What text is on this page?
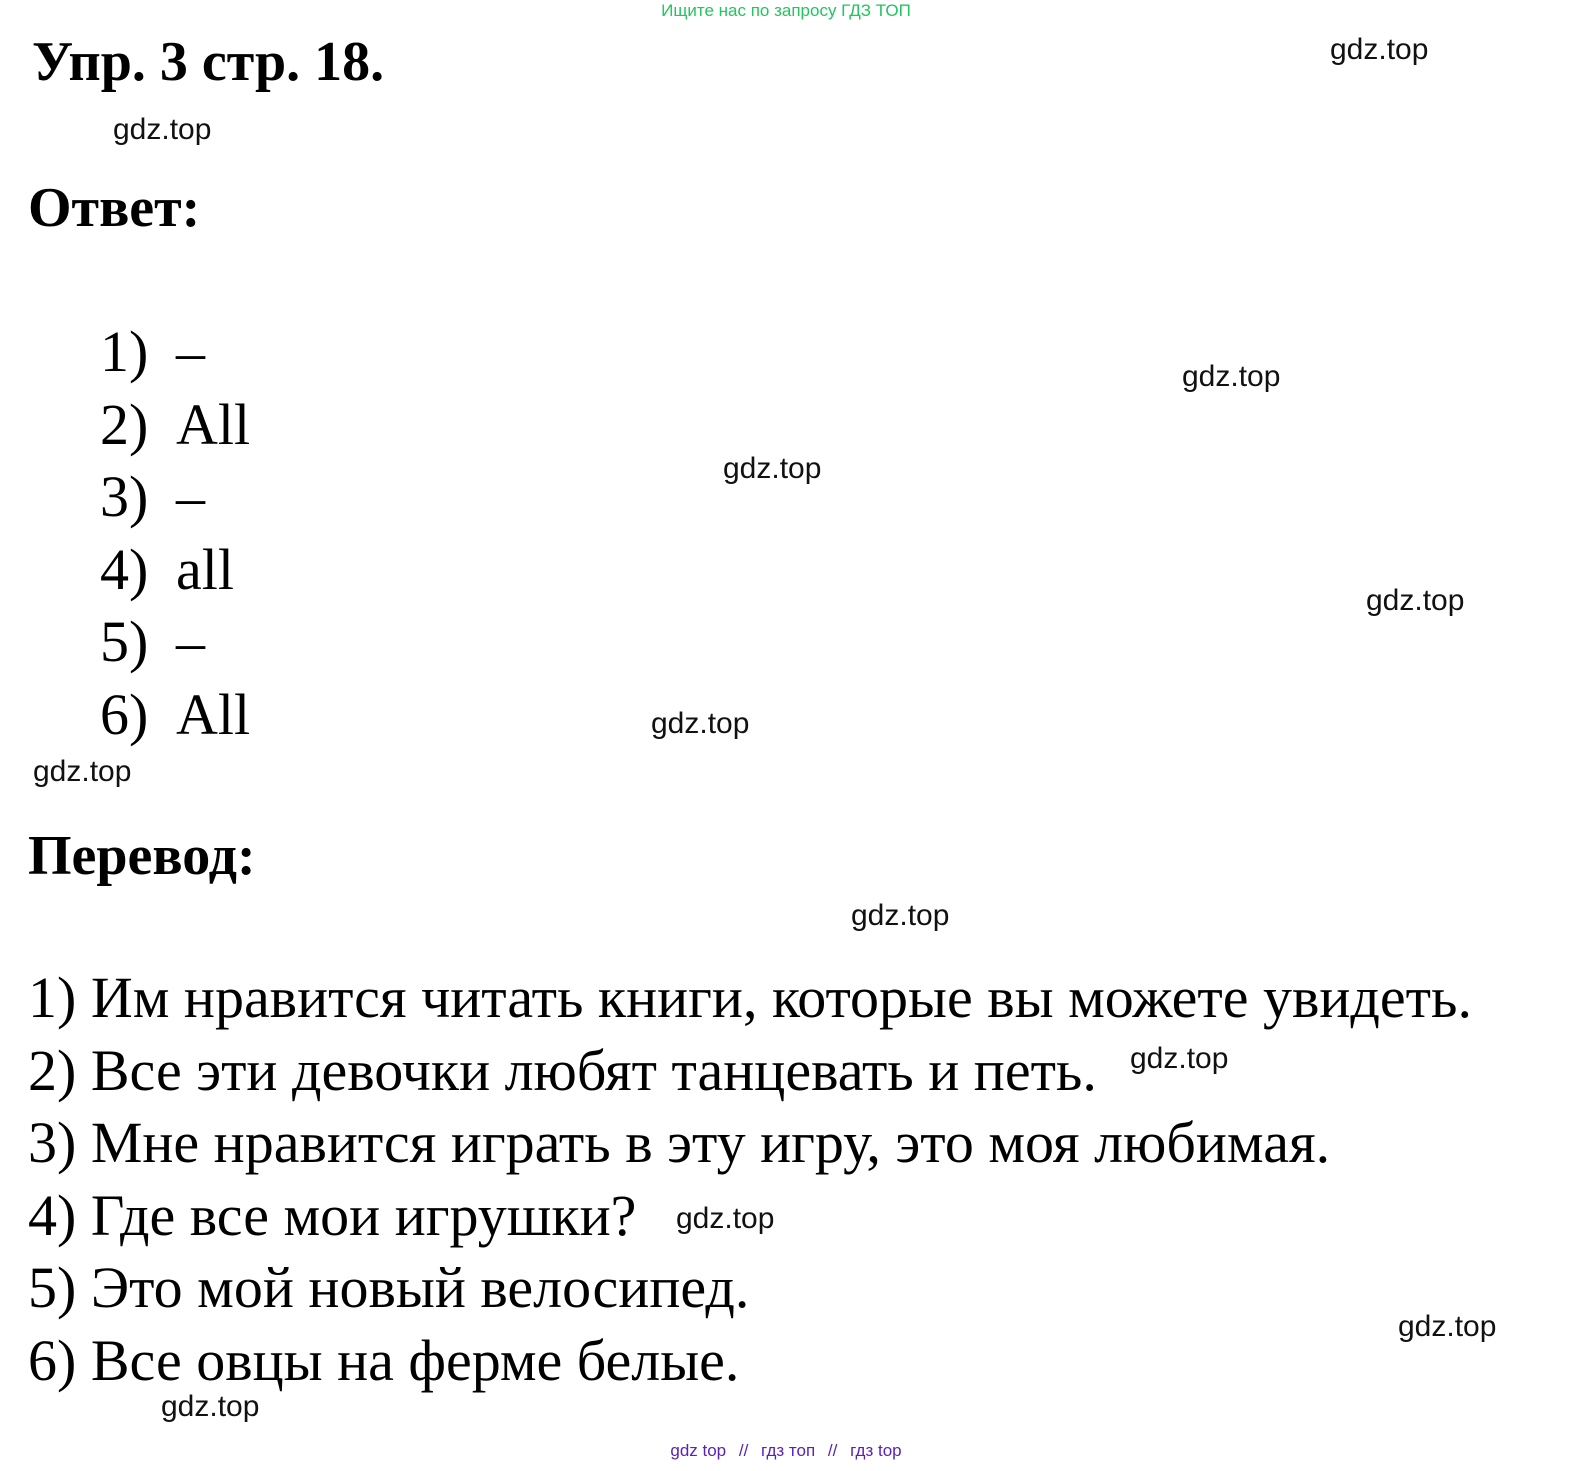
Ищите нас по запросу ГДЗ ТОП
Упр. 3 стр. 18.
Ответ:
1) –
2) All
3) –
4) all
5) –
6) All
Перевод:
1) Им нравится читать книги, которые вы можете увидеть.
2) Все эти девочки любят танцевать и петь.
3) Мне нравится играть в эту игру, это моя любимая.
4) Где все мои игрушки?
5) Это мой новый велосипед.
6) Все овцы на ферме белые.
gdz.top
gdz.top
gdz.top
gdz.top
gdz.top
gdz.top
gdz.top
gdz.top
gdz.top
gdz.top
gdz.top
gdz.top
gdz top // гдз топ // гдз top
